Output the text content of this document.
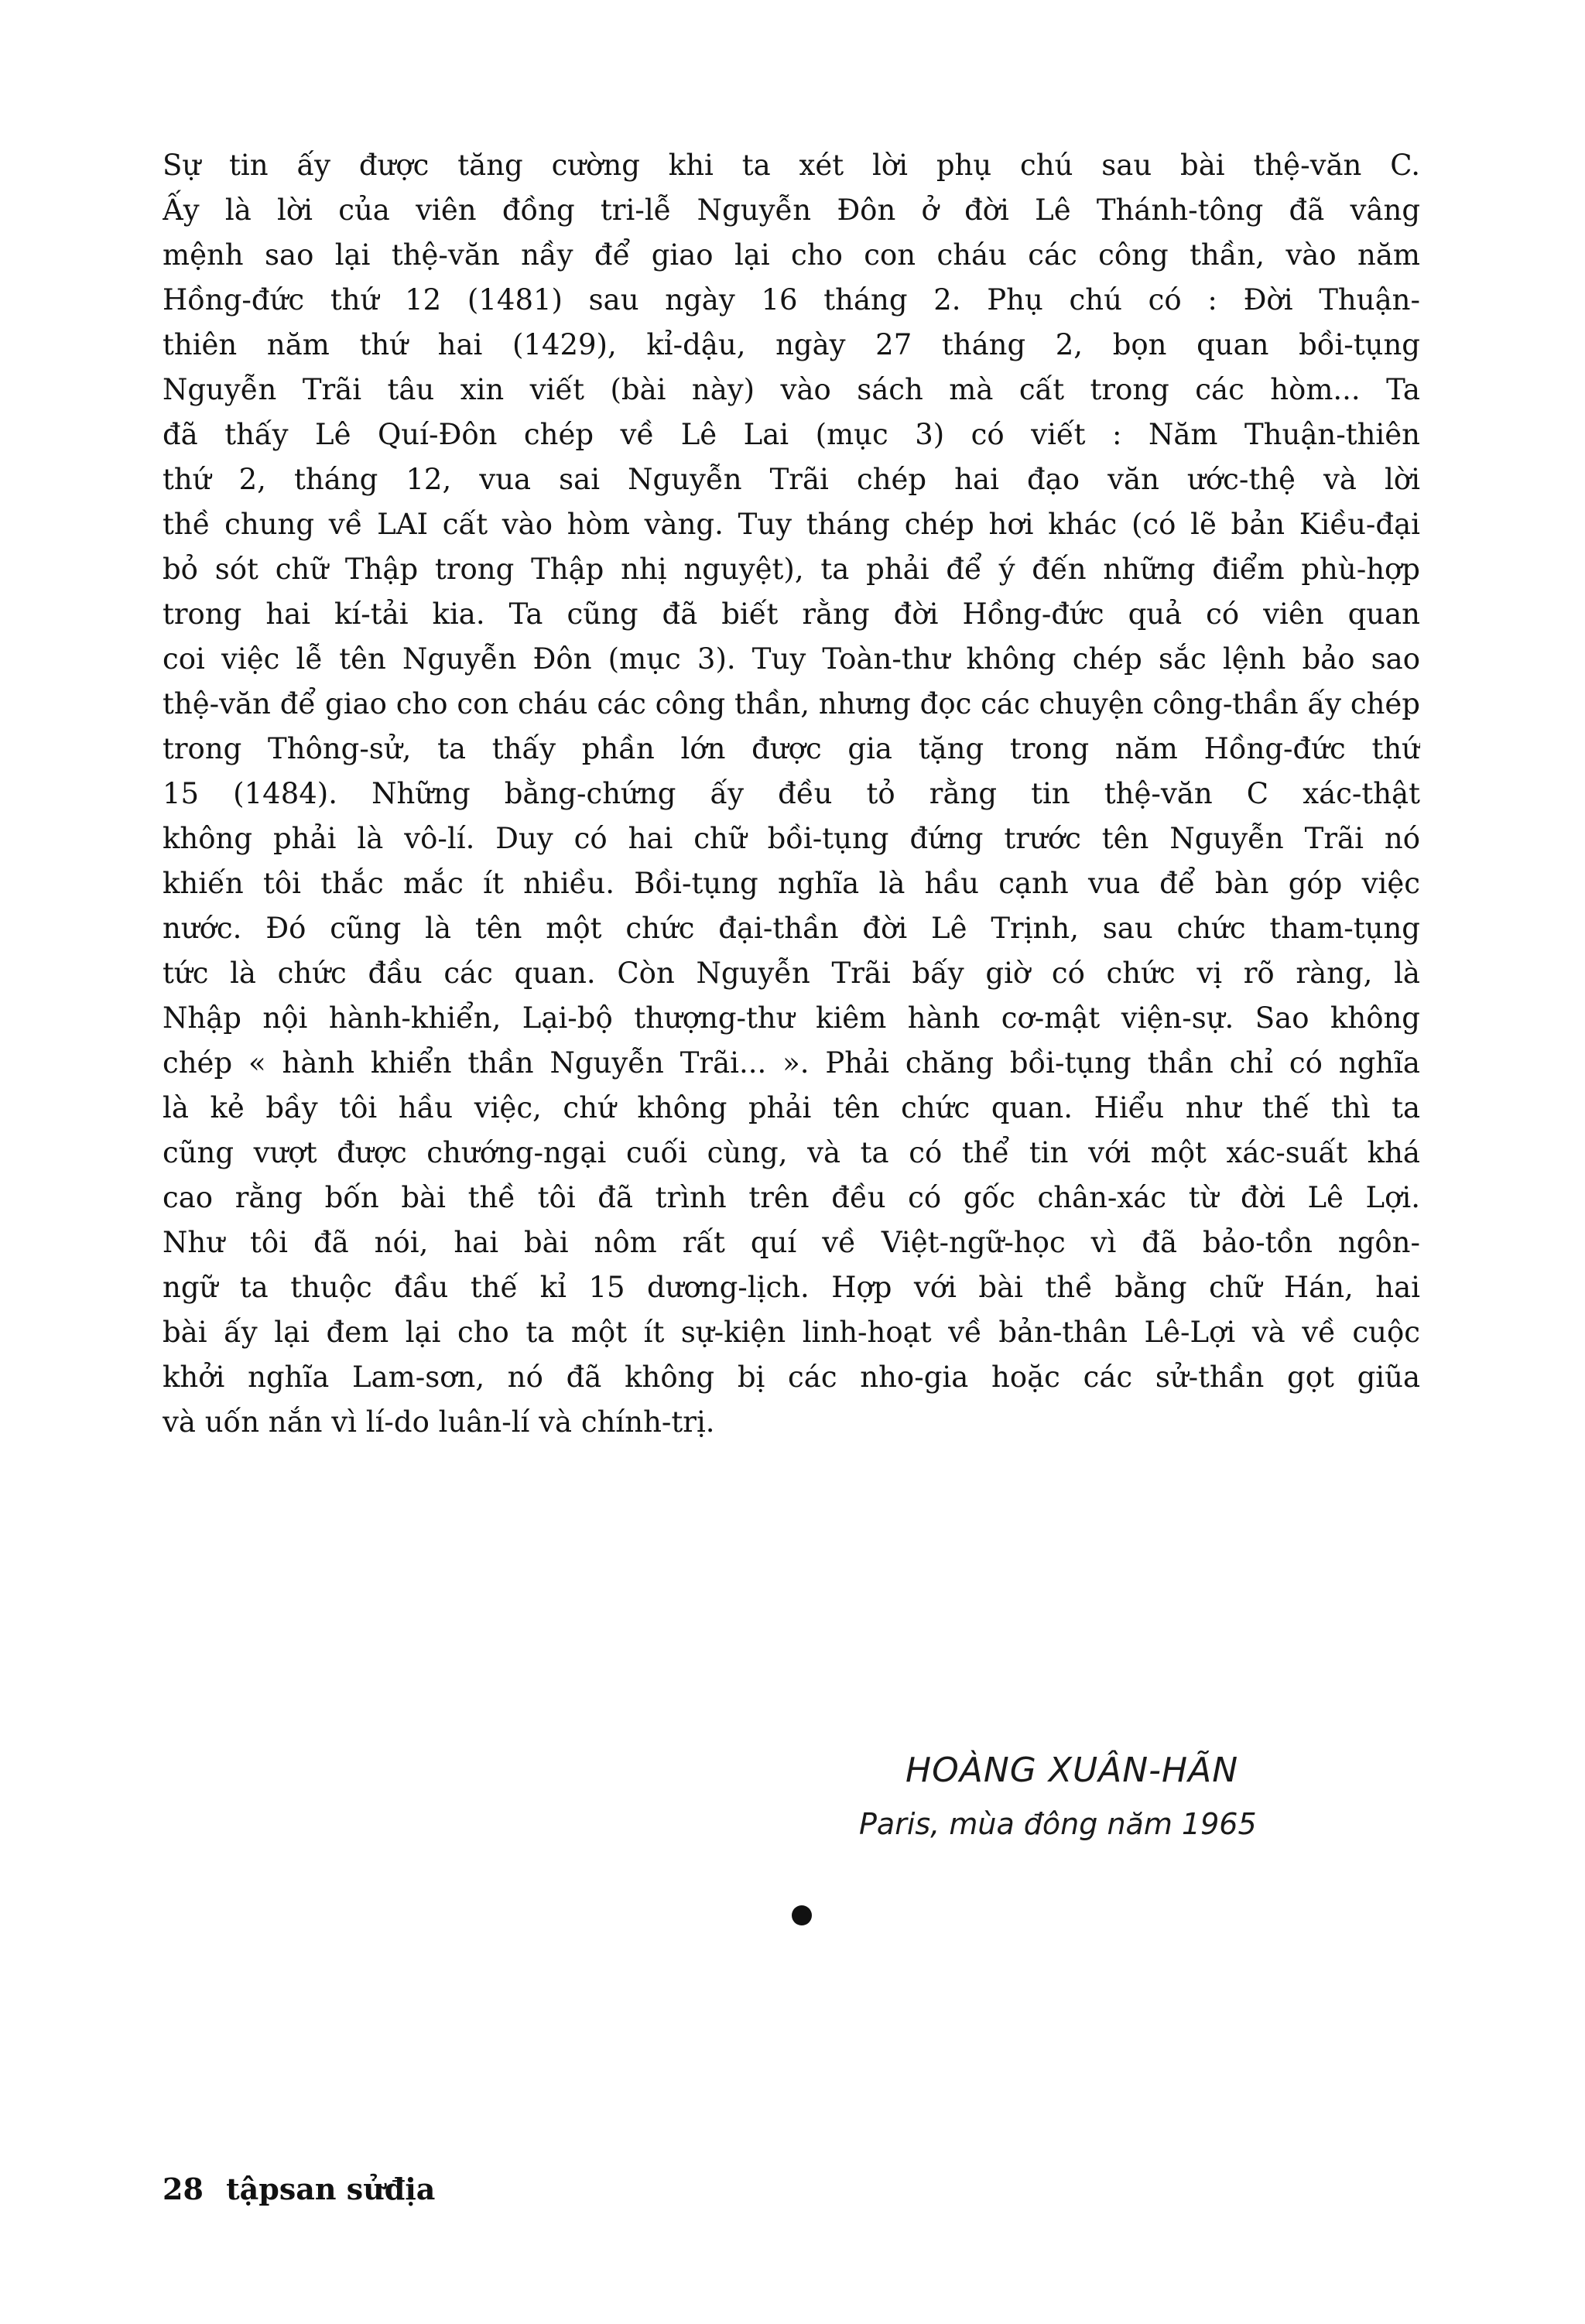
Sự tin ấy được tăng cường khi ta xét lời phụ chú sau bài thệ-văn C.
Ấy là lời của viên đồng tri-lễ Nguyễn Đôn ở đời Lê Thánh-tông đã vâng
mệnh sao lại thệ-văn nầy để giao lại cho con cháu các công thần, vào năm
Hồng-đức thứ 12 (1481) sau ngày 16 tháng 2. Phụ chú có : Đời Thuận-
thiên năm thứ hai (1429), kỉ-dậu, ngày 27 tháng 2, bọn quan bồi-tụng
Nguyễn Trãi tâu xin viết (bài này) vào sách mà cất trong các hòm... Ta
đã thấy Lê Quí-Đôn chép về Lê Lai (mục 3) có viết : Năm Thuận-thiên
thứ 2, tháng 12, vua sai Nguyễn Trãi chép hai đạo văn ước-thệ và lời
thề chung về LAI cất vào hòm vàng. Tuy tháng chép hơi khác (có lẽ bản Kiều-đại
bỏ sót chữ Thập trong Thập nhị nguyệt), ta phải để ý đến những điểm phù-hợp
trong hai kí-tải kia. Ta cũng đã biết rằng đời Hồng-đức quả có viên quan
coi việc lễ tên Nguyễn Đôn (mục 3). Tuy Toàn-thư không chép sắc lệnh bảo sao
thệ-văn để giao cho con cháu các công thần, nhưng đọc các chuyện công-thần ấy chép
trong Thông-sử, ta thấy phần lớn được gia tặng trong năm Hồng-đức thứ
15 (1484). Những bằng-chứng ấy đều tỏ rằng tin thệ-văn C xác-thật
không phải là vô-lí. Duy có hai chữ bồi-tụng đứng trước tên Nguyễn Trãi nó
khiến tôi thắc mắc ít nhiều. Bồi-tụng nghĩa là hầu cạnh vua để bàn góp việc
nước. Đó cũng là tên một chức đại-thần đời Lê Trịnh, sau chức tham-tụng
tức là chức đầu các quan. Còn Nguyễn Trãi bấy giờ có chức vị rõ ràng, là
Nhập nội hành-khiển, Lại-bộ thượng-thư kiêm hành cơ-mật viện-sự. Sao không
chép « hành khiển thần Nguyễn Trãi... ». Phải chăng bồi-tụng thần chỉ có nghĩa
là kẻ bầy tôi hầu việc, chứ không phải tên chức quan. Hiểu như thế thì ta
cũng vượt được chướng-ngại cuối cùng, và ta có thể tin với một xác-suất khá
cao rằng bốn bài thề tôi đã trình trên đều có gốc chân-xác từ đời Lê Lợi.
Như tôi đã nói, hai bài nôm rất quí về Việt-ngữ-học vì đã bảo-tồn ngôn-
ngữ ta thuộc đầu thế kỉ 15 dương-lịch. Hợp với bài thề bằng chữ Hán, hai
bài ấy lại đem lại cho ta một ít sự-kiện linh-hoạt về bản-thân Lê-Lợi và về cuộc
khởi nghĩa Lam-sơn, nó đã không bị các nho-gia hoặc các sử-thần gọt giũa
và uốn nắn vì lí-do luân-lí và chính-trị.
HOÀNG XUÂN-HÃN
Paris, mùa đông năm 1965
28 tậpsan sửđịa
